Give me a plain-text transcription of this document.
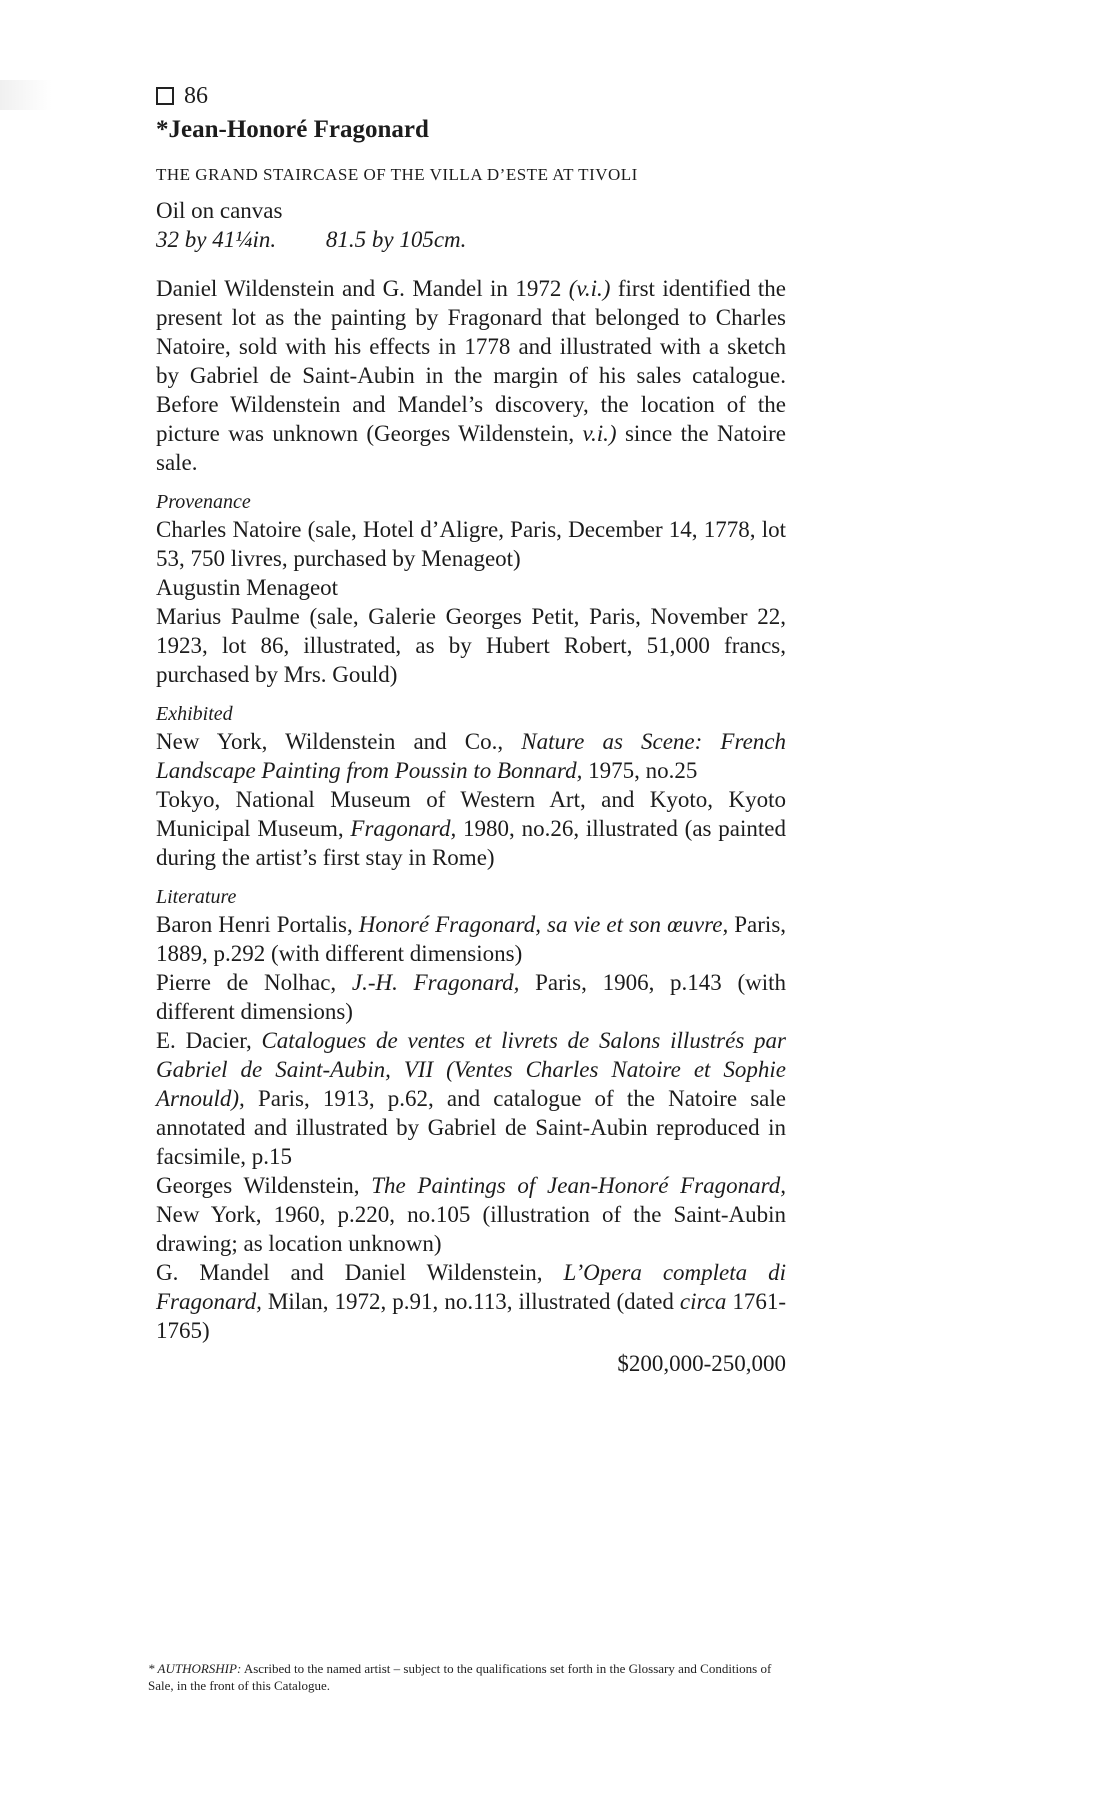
86
*Jean-Honoré Fragonard
THE GRAND STAIRCASE OF THE VILLA D’ESTE AT TIVOLI
Oil on canvas
32 by 41¼in. 81.5 by 105cm.
Daniel Wildenstein and G. Mandel in 1972 (v.i.) first identified the present lot as the painting by Fragonard that belonged to Charles Natoire, sold with his effects in 1778 and illustrated with a sketch by Gabriel de Saint-Aubin in the margin of his sales catalogue. Before Wildenstein and Mandel’s discovery, the location of the picture was unknown (Georges Wildenstein, v.i.) since the Natoire sale.
Provenance
Charles Natoire (sale, Hotel d’Aligre, Paris, December 14, 1778, lot 53, 750 livres, purchased by Menageot)
Augustin Menageot
Marius Paulme (sale, Galerie Georges Petit, Paris, November 22, 1923, lot 86, illustrated, as by Hubert Robert, 51,000 francs, purchased by Mrs. Gould)
Exhibited
New York, Wildenstein and Co., Nature as Scene: French Landscape Painting from Poussin to Bonnard, 1975, no.25
Tokyo, National Museum of Western Art, and Kyoto, Kyoto Municipal Museum, Fragonard, 1980, no.26, illustrated (as painted during the artist’s first stay in Rome)
Literature
Baron Henri Portalis, Honoré Fragonard, sa vie et son œuvre, Paris, 1889, p.292 (with different dimensions)
Pierre de Nolhac, J.-H. Fragonard, Paris, 1906, p.143 (with different dimensions)
E. Dacier, Catalogues de ventes et livrets de Salons illustrés par Gabriel de Saint-Aubin, VII (Ventes Charles Natoire et Sophie Arnould), Paris, 1913, p.62, and catalogue of the Natoire sale annotated and illustrated by Gabriel de Saint-Aubin reproduced in facsimile, p.15
Georges Wildenstein, The Paintings of Jean-Honoré Fragonard, New York, 1960, p.220, no.105 (illustration of the Saint-Aubin drawing; as location unknown)
G. Mandel and Daniel Wildenstein, L’Opera completa di Fragonard, Milan, 1972, p.91, no.113, illustrated (dated circa 1761-1765)
$200,000-250,000
* AUTHORSHIP: Ascribed to the named artist – subject to the qualifications set forth in the Glossary and Conditions of Sale, in the front of this Catalogue.
